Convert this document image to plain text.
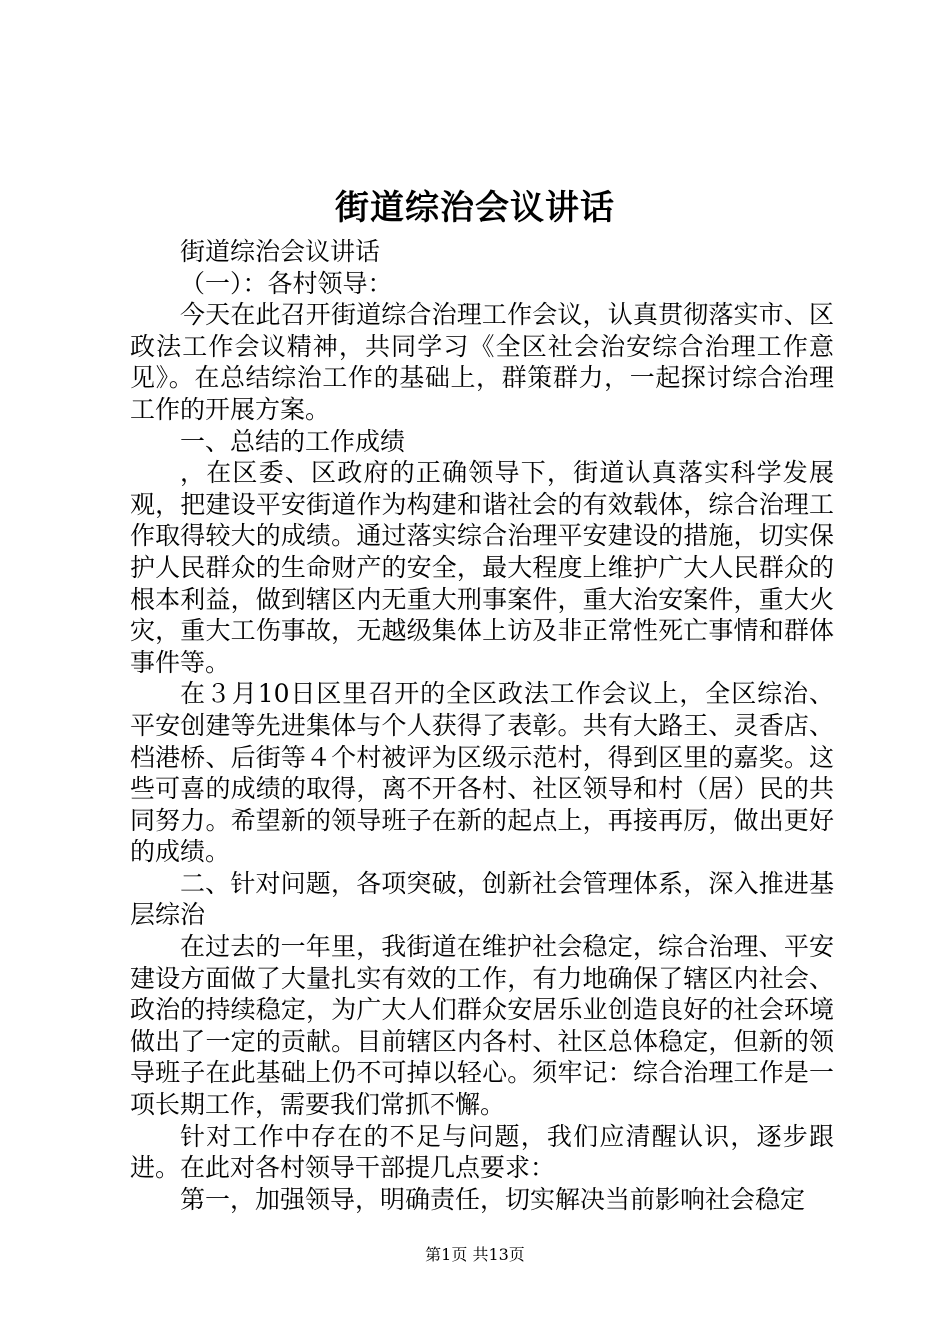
街道综治会议讲话

街道综治会议讲话

（一）：各村领导：

今天在此召开街道综合治理工作会议，认真贯彻落实市、区政法工作会议精神，共同学习《全区社会治安综合治理工作意见》。在总结综治工作的基础上，群策群力，一起探讨综合治理工作的开展方案。

一、总结的工作成绩

，在区委、区政府的正确领导下，街道认真落实科学发展观，把建设平安街道作为构建和谐社会的有效载体，综合治理工作取得较大的成绩。通过落实综合治理平安建设的措施，切实保护人民群众的生命财产的安全，最大程度上维护广大人民群众的根本利益，做到辖区内无重大刑事案件，重大治安案件，重大火灾，重大工伤事故，无越级集体上访及非正常性死亡事情和群体事件等。

在３月10日区里召开的全区政法工作会议上，全区综治、平安创建等先进集体与个人获得了表彰。共有大路王、灵香店、档港桥、后街等４个村被评为区级示范村，得到区里的嘉奖。这些可喜的成绩的取得，离不开各村、社区领导和村（居）民的共同努力。希望新的领导班子在新的起点上，再接再厉，做出更好的成绩。

二、针对问题，各项突破，创新社会管理体系，深入推进基层综治

在过去的一年里，我街道在维护社会稳定，综合治理、平安建设方面做了大量扎实有效的工作，有力地确保了辖区内社会、政治的持续稳定，为广大人们群众安居乐业创造良好的社会环境做出了一定的贡献。目前辖区内各村、社区总体稳定，但新的领导班子在此基础上仍不可掉以轻心。须牢记：综合治理工作是一项长期工作，需要我们常抓不懈。

针对工作中存在的不足与问题，我们应清醒认识，逐步跟进。在此对各村领导干部提几点要求：

第一，加强领导，明确责任，切实解决当前影响社会稳定

第1页 共13页
